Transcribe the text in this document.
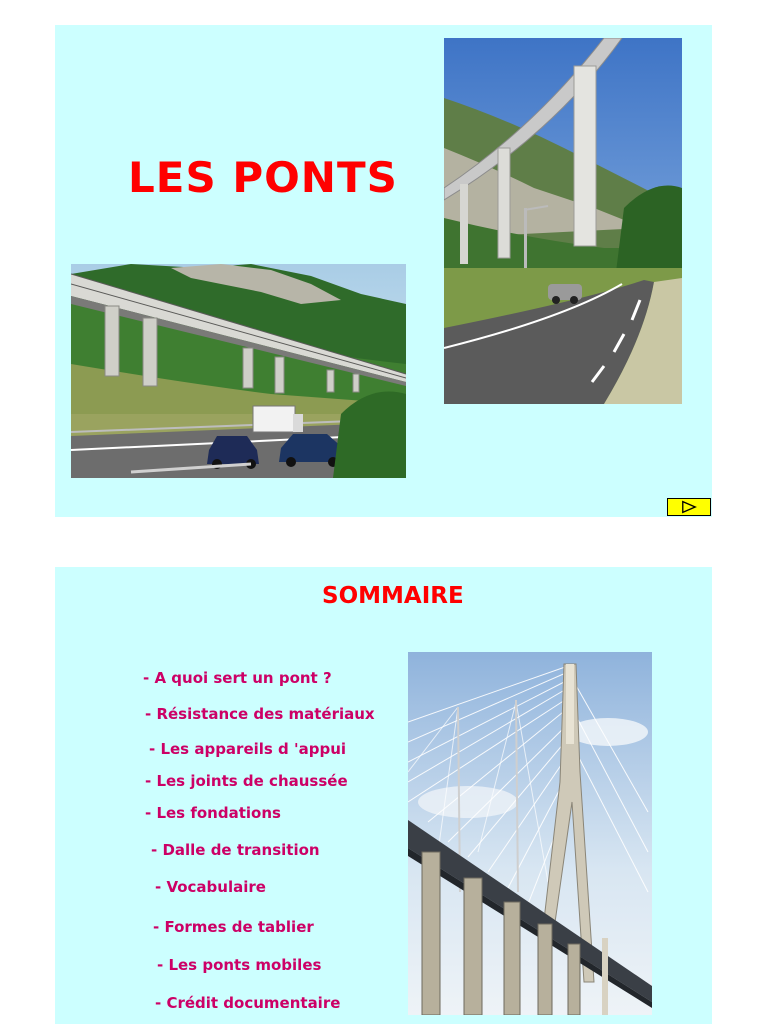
LES PONTS
SOMMAIRE
- A quoi sert un pont ?
- Résistance des matériaux
- Les appareils d 'appui
- Les joints de chaussée
- Les fondations
- Dalle de transition
- Vocabulaire
- Formes de tablier
- Les ponts mobiles
- Crédit documentaire
